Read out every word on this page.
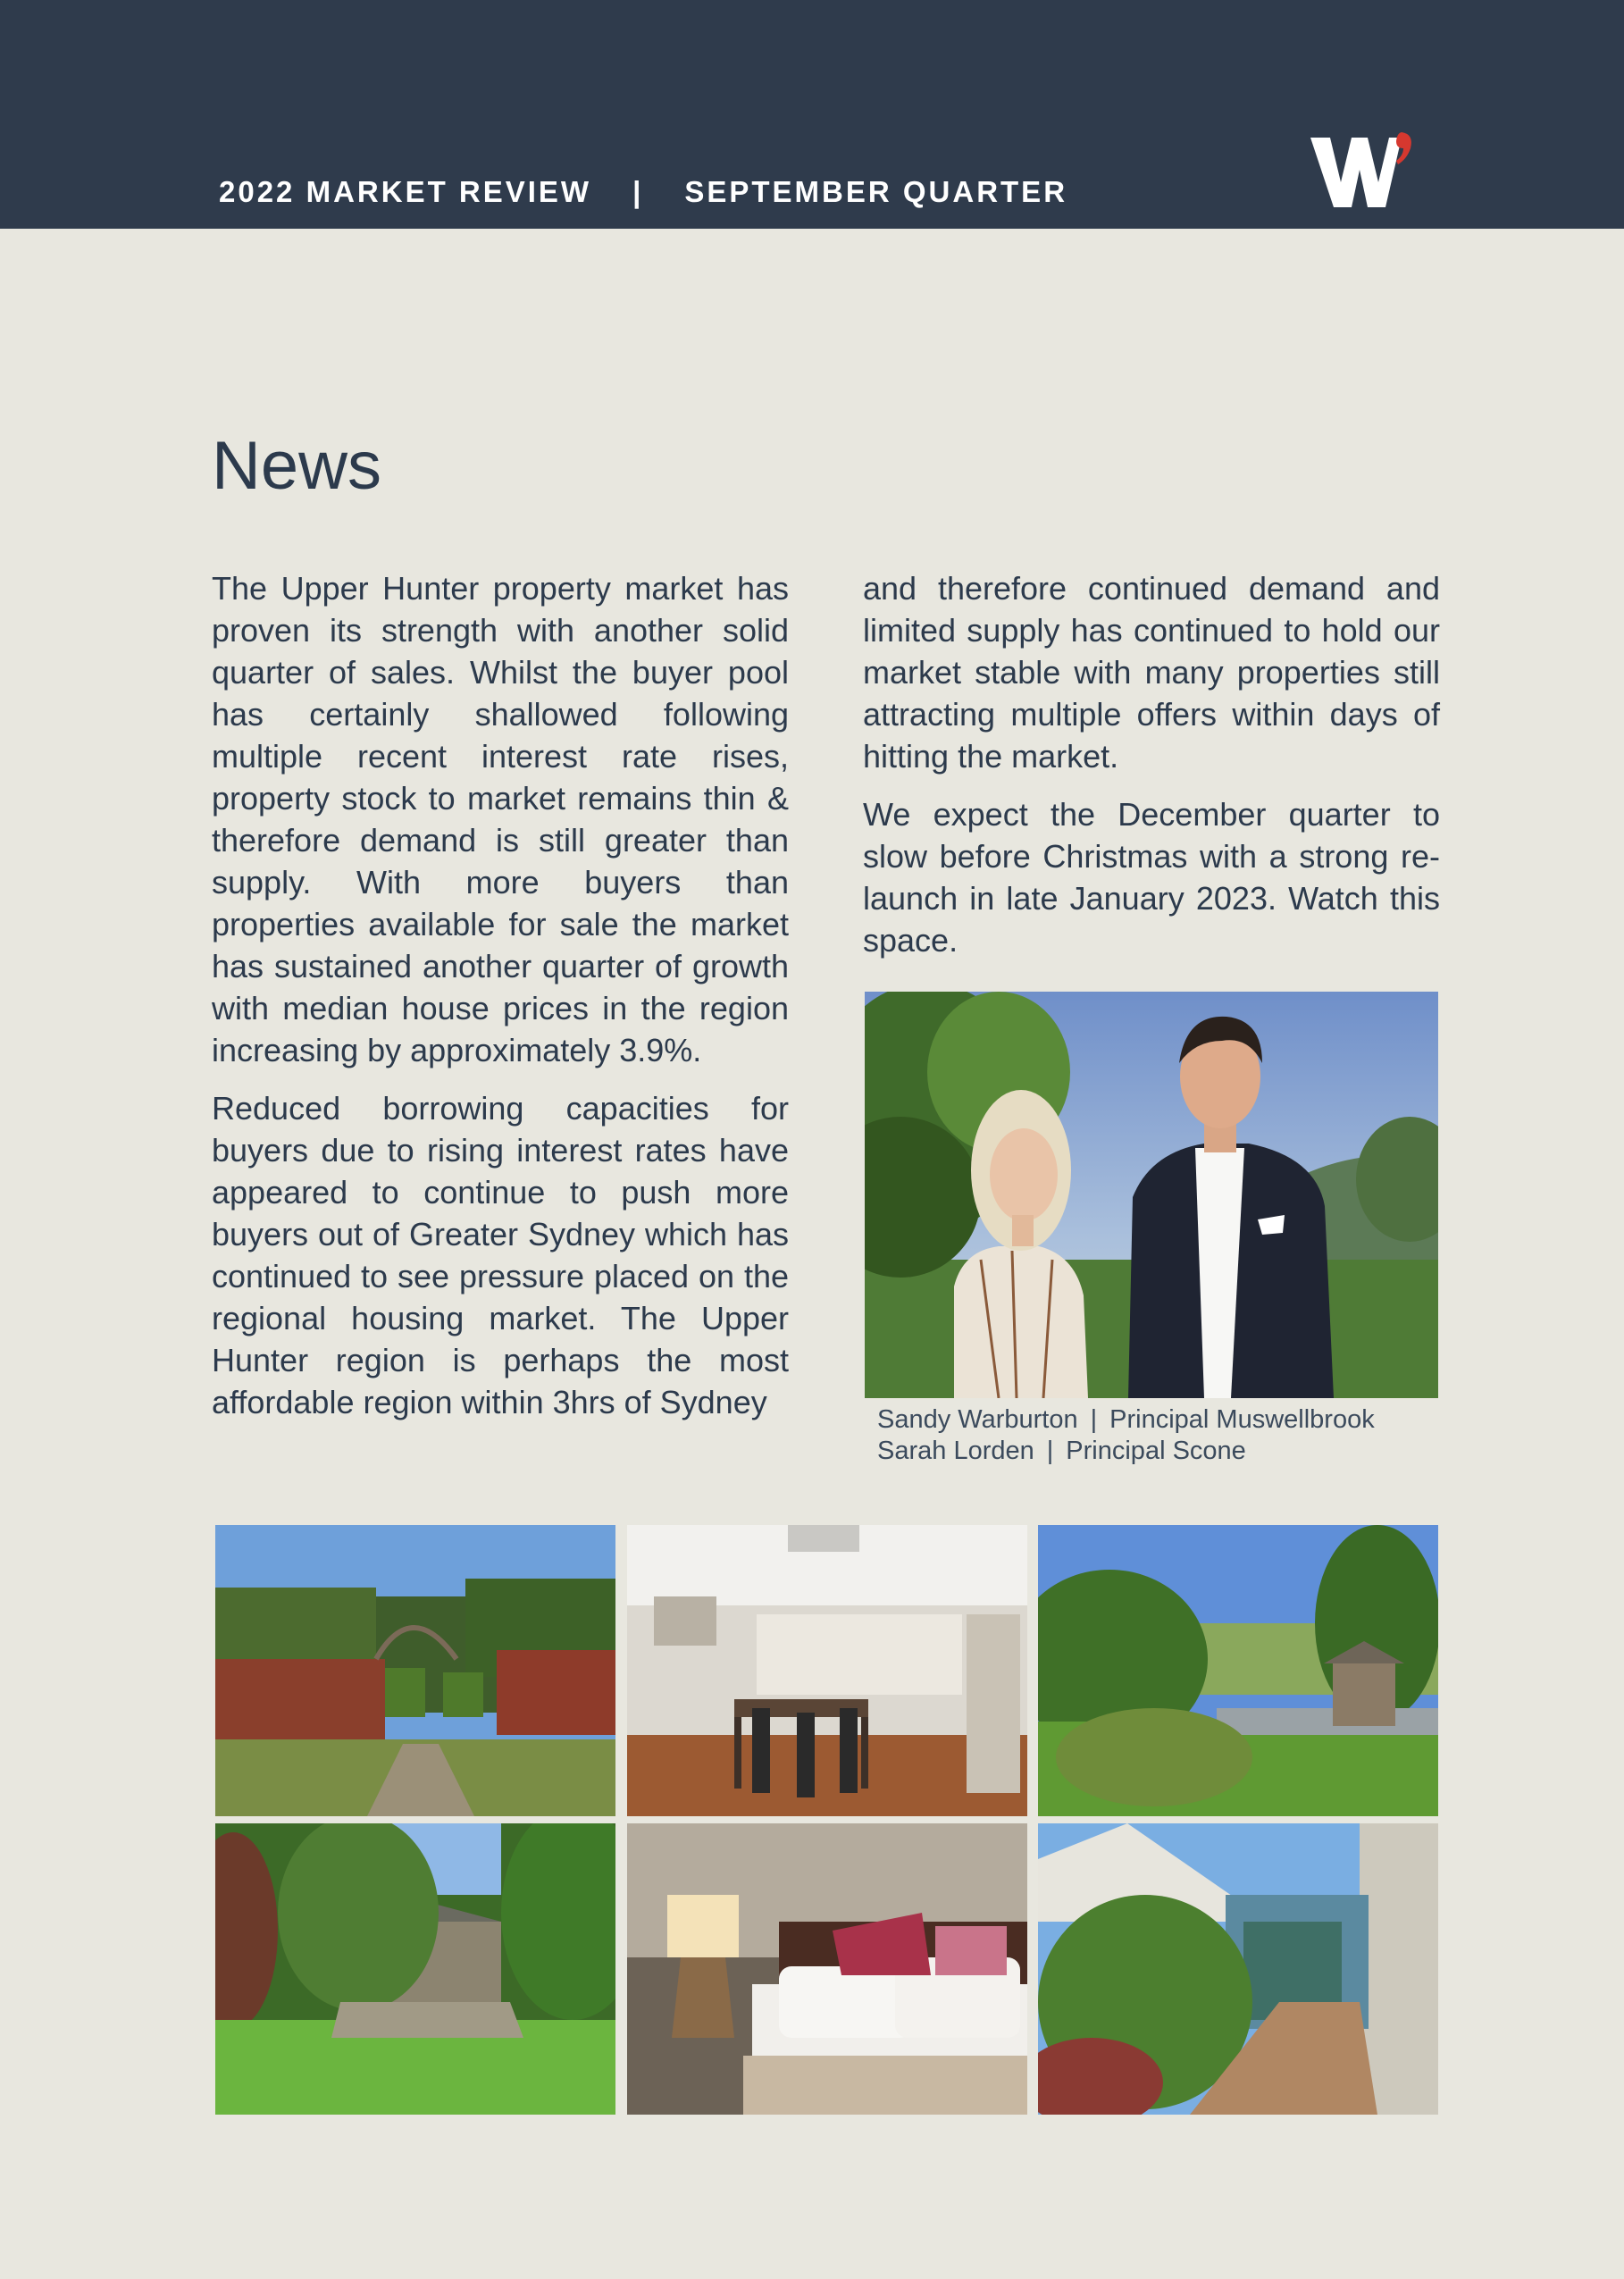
2022 MARKET REVIEW | SEPTEMBER QUARTER
News

The Upper Hunter property market has proven its strength with another solid quarter of sales. Whilst the buyer pool has certainly shallowed following multiple recent interest rate rises, property stock to market remains thin & therefore demand is still greater than supply. With more buyers than properties available for sale the market has sustained another quarter of growth with median house prices in the region increasing by approximately 3.9%.

Reduced borrowing capacities for buyers due to rising interest rates have appeared to continue to push more buyers out of Greater Sydney which has continued to see pressure placed on the regional housing market. The Upper Hunter region is perhaps the most affordable region within 3hrs of Sydney

and therefore continued demand and limited supply has continued to hold our market stable with many properties still attracting multiple offers within days of hitting the market.

We expect the December quarter to slow before Christmas with a strong re-launch in late January 2023. Watch this space.

Sandy Warburton | Principal Muswellbrook
Sarah Lorden | Principal Scone
